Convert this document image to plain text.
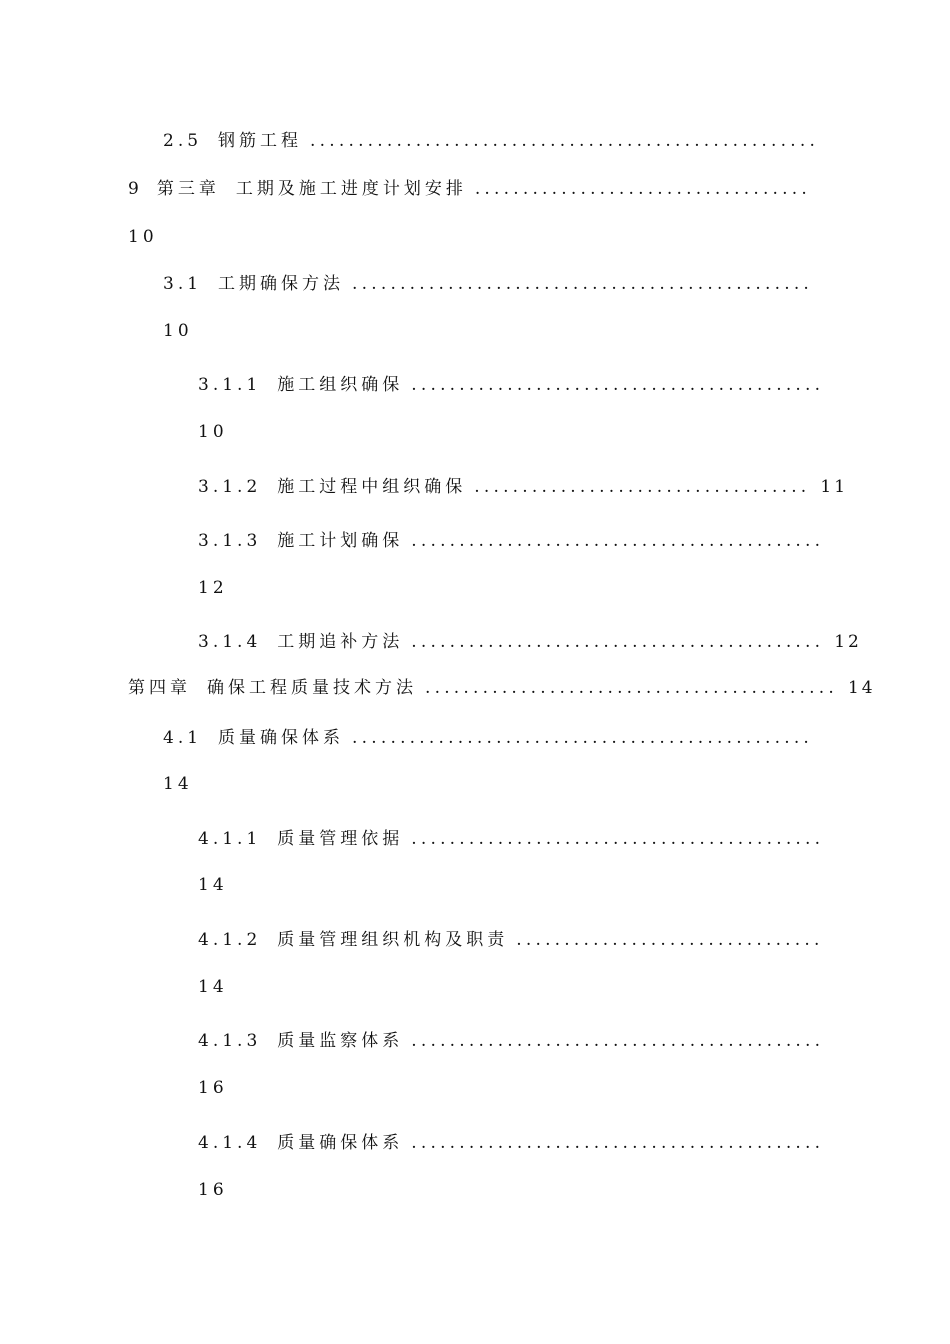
2.5 钢筋工程 .....................................................
9 第三章 工期及施工进度计划安排 ...................................
10
3.1 工期确保方法 ................................................
10
3.1.1 施工组织确保 ...........................................
10
3.1.2 施工过程中组织确保 ................................... 11
3.1.3 施工计划确保 ...........................................
12
3.1.4 工期追补方法 ........................................... 12
第四章 确保工程质量技术方法 ........................................... 14
4.1 质量确保体系 ................................................
14
4.1.1 质量管理依据 ...........................................
14
4.1.2 质量管理组织机构及职责 ................................
14
4.1.3 质量监察体系 ...........................................
16
4.1.4 质量确保体系 ...........................................
16
